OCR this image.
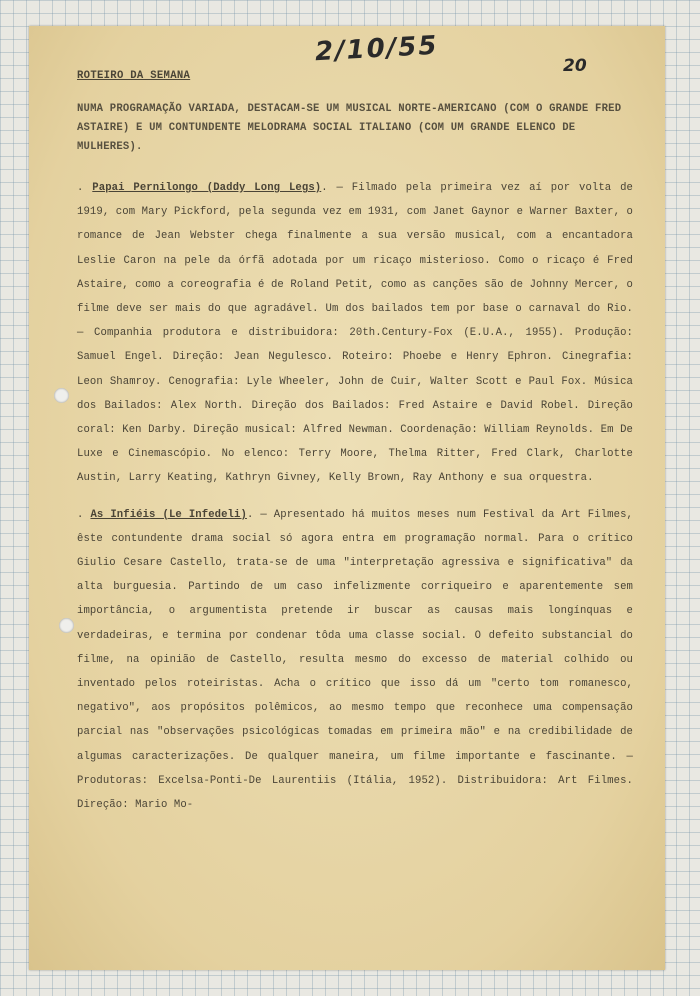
2/10/55	20
ROTEIRO DA SEMANA
NUMA PROGRAMAÇÃO VARIADA, DESTACAM-SE UM MUSICAL NORTE-AMERICANO (COM O GRANDE FRED ASTAIRE) E UM CONTUNDENTE MELODRAMA SOCIAL ITALIANO (COM UM GRANDE ELENCO DE MULHERES).
. Papai Pernilongo (Daddy Long Legs). — Filmado pela primeira vez aí por volta de 1919, com Mary Pickford, pela segunda vez em 1931, com Janet Gaynor e Warner Baxter, o romance de Jean Webster chega finalmente a sua versão musical, com a encantadora Leslie Caron na pele da órfã adotada por um ricaço misterioso. Como o ricaço é Fred Astaire, como a coreografia é de Roland Petit, como as canções são de Johnny Mercer, o filme deve ser mais do que agradável. Um dos bailados tem por base o carnaval do Rio. — Companhia produtora e distribuidora: 20th.Century-Fox (E.U.A., 1955). Produção: Samuel Engel. Direção: Jean Negulesco. Roteiro: Phoebe e Henry Ephron. Cinegrafia: Leon Shamroy. Cenografia: Lyle Wheeler, John de Cuir, Walter Scott e Paul Fox. Música dos Bailados: Alex North. Direção dos Bailados: Fred Astaire e David Robel. Direção coral: Ken Darby. Direção musical: Alfred Newman. Coordenação: William Reynolds. Em De Luxe e Cinemascópio. No elenco: Terry Moore, Thelma Ritter, Fred Clark, Charlotte Austin, Larry Keating, Kathryn Givney, Kelly Brown, Ray Anthony e sua orquestra.
. As Infiéis (Le Infedeli). — Apresentado há muitos meses num Festival da Art Filmes, êste contundente drama social só agora entra em programação normal. Para o crítico Giulio Cesare Castello, trata-se de uma "interpretação agressiva e significativa" da alta burguesia. Partindo de um caso infelizmente corriqueiro e aparentemente sem importância, o argumentista pretende ir buscar as causas mais longínquas e verdadeiras, e termina por condenar tôda uma classe social. O defeito substancial do filme, na opinião de Castello, resulta mesmo do excesso de material colhido ou inventado pelos roteiristas. Acha o crítico que isso dá um "certo tom romanesco, negativo", aos propósitos polêmicos, ao mesmo tempo que reconhece uma compensação parcial nas "observações psicológicas tomadas em primeira mão" e na credibilidade de algumas caracterizações. De qualquer maneira, um filme importante e fascinante. — Produtoras: Excelsa-Ponti-De Laurentiis (Itália, 1952). Distribuidora: Art Filmes. Direção: Mario Mo-
